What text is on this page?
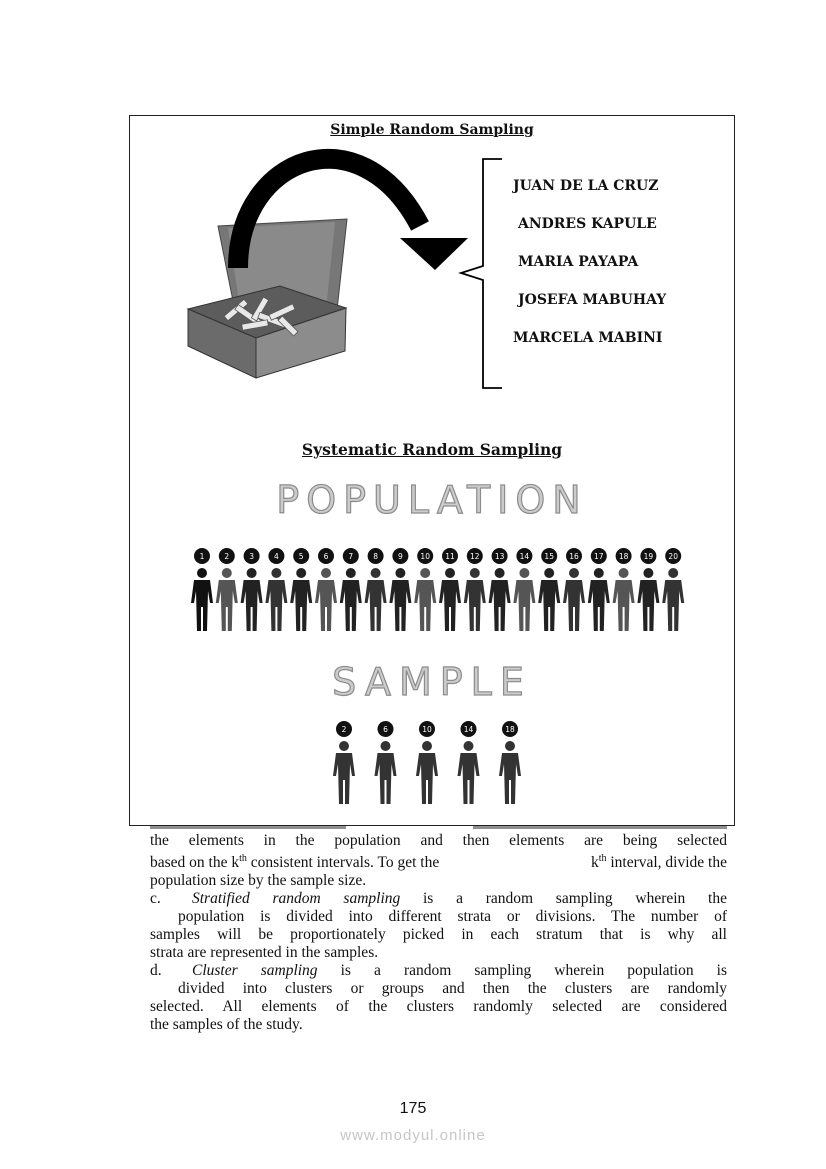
Simple Random Sampling
1	2	3	4	5	6	7	8	9 10 11 12 13 14 15 16 17 18 19 20
2	6	10	14	18
JUAN DE LA CRUZ
ANDRES KAPULE
MARIA PAYAPA
JOSEFA MABUHAY
MARCELA MABINI
Systematic Random Sampling
POPULATION
SAMPLE
the elements in the population and then elements are being selected
based on the $k^{th}$ consistent intervals. To get the	$k^{th}$ interval, divide the
population size by the sample size.
c. Stratified random sampling is a random sampling wherein the
population is divided into different strata or divisions. The number of
samples will be proportionately picked in each stratum that is why all
strata are represented in the samples.
d. Cluster sampling is a random sampling wherein population is
divided into clusters or groups and then the clusters are randomly
selected. All elements of the clusters randomly selected are considered
the samples of the study.
175
www.modyul.online
